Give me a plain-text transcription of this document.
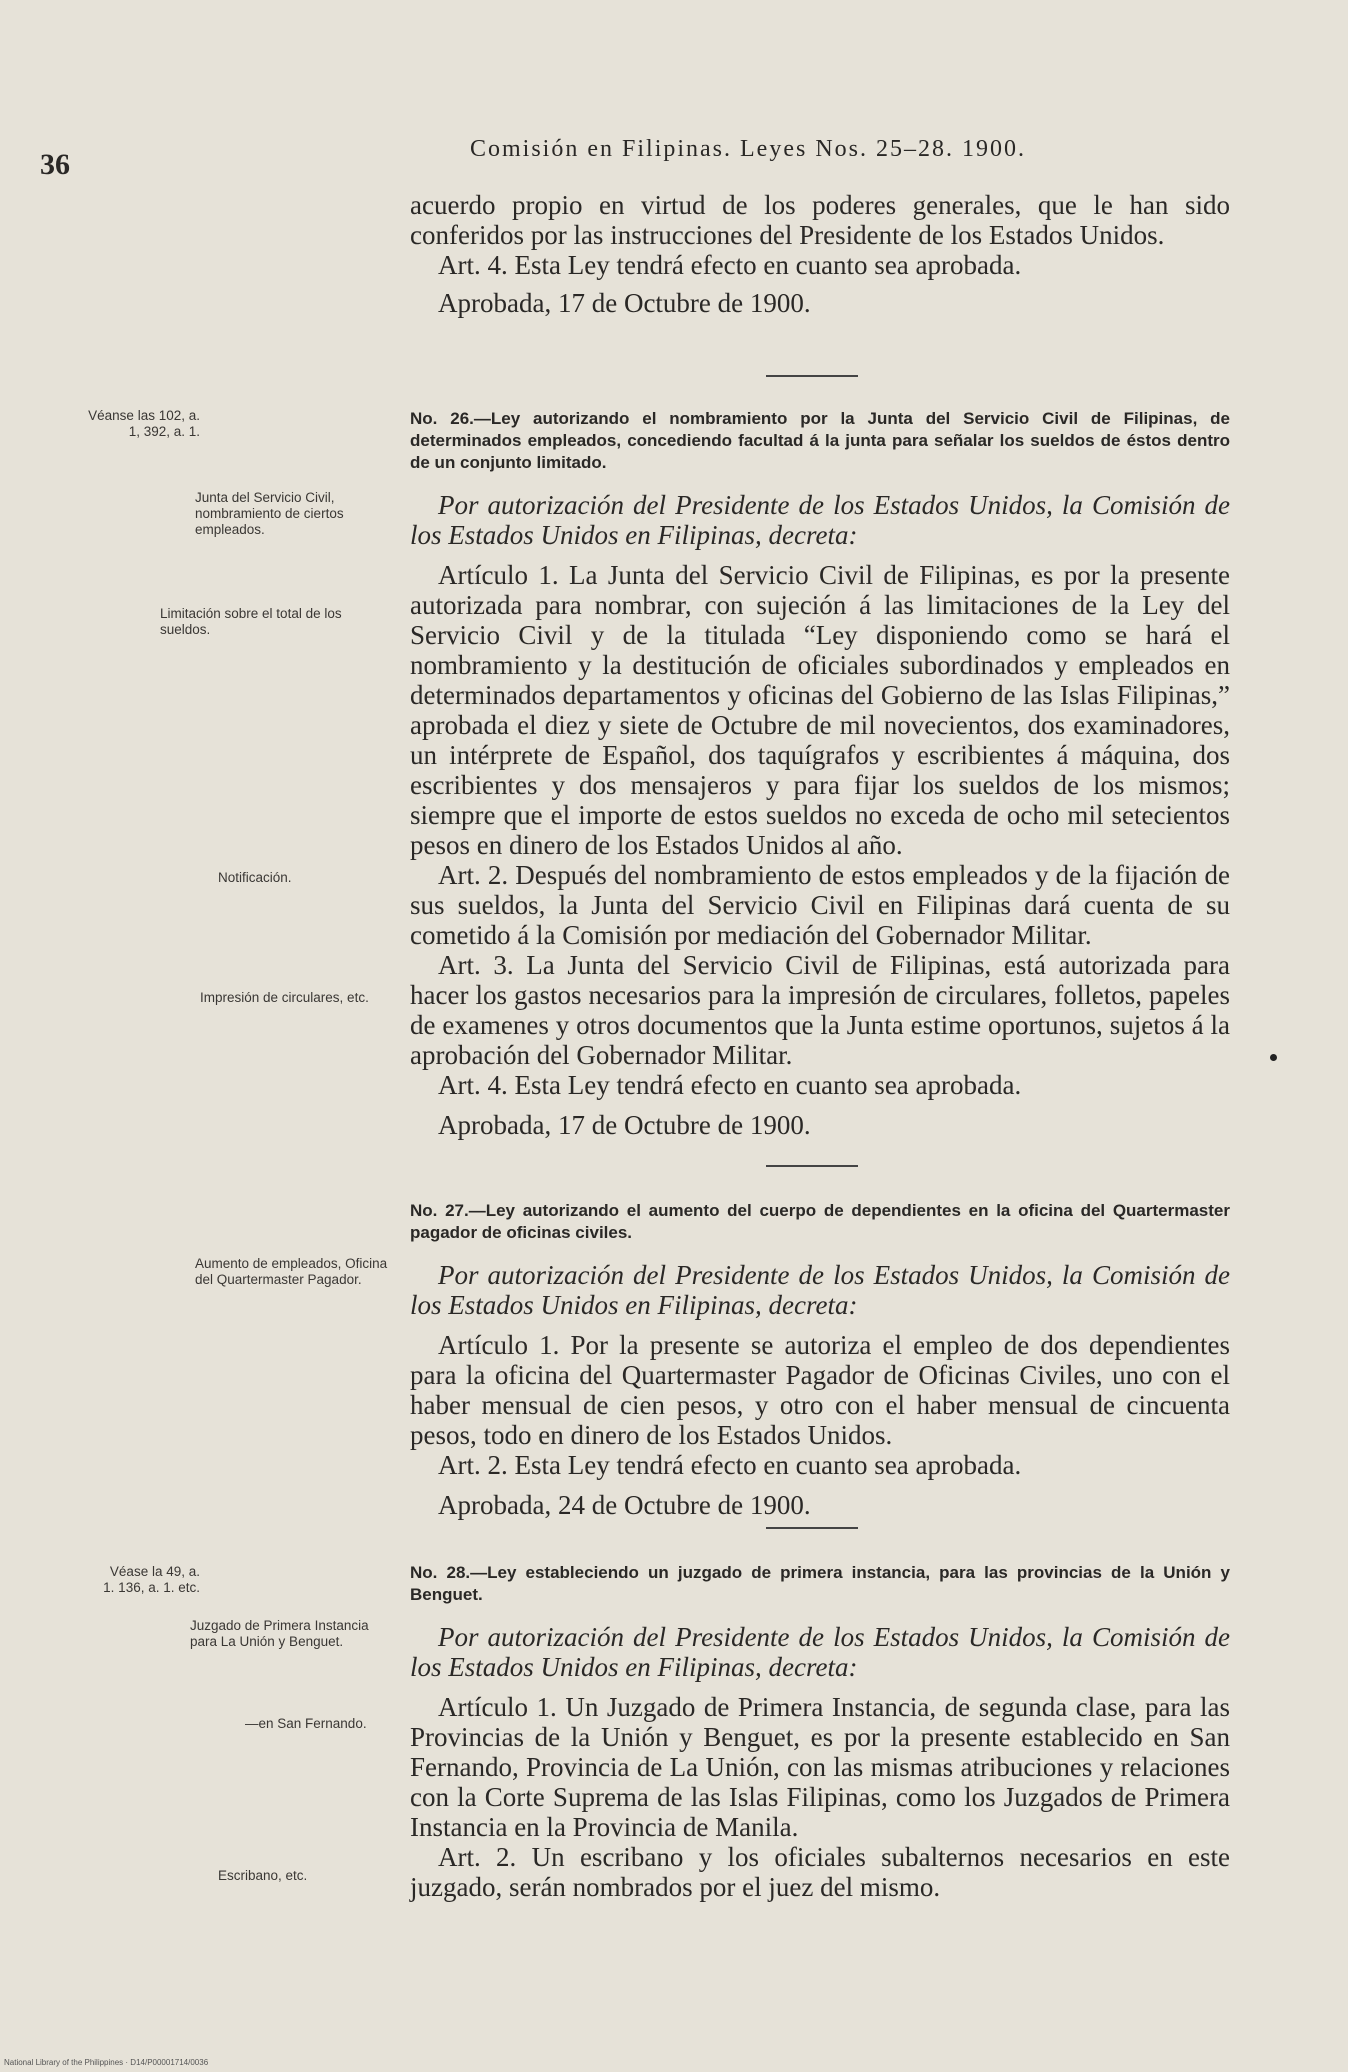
36	Comisión en Filipinas. Leyes Nos. 25–28. 1900.

acuerdo propio en virtud de los poderes generales, que le han sido conferidos por las instrucciones del Presidente de los Estados Unidos.

Art. 4. Esta Ley tendrá efecto en cuanto sea aprobada.

Aprobada, 17 de Octubre de 1900.

Véanse las 102, a. 1, 392, a. 1.

No. 26.—Ley autorizando el nombramiento por la Junta del Servicio Civil de Filipinas, de determinados empleados, concediendo facultad á la junta para señalar los sueldos de éstos dentro de un conjunto limitado.

Por autorización del Presidente de los Estados Unidos, la Comisión de los Estados Unidos en Filipinas, decreta:

Artículo 1. La Junta del Servicio Civil de Filipinas, es por la presente autorizada para nombrar, con sujeción á las limitaciones de la Ley del Servicio Civil y de la titulada “Ley disponiendo como se hará el nombramiento y la destitución de oficiales subordinados y empleados en determinados departamentos y oficinas del Gobierno de las Islas Filipinas,” aprobada el diez y siete de Octubre de mil novecientos, dos examinadores, un intérprete de Español, dos taquígrafos y escribientes á máquina, dos escribientes y dos mensajeros y para fijar los sueldos de los mismos; siempre que el importe de estos sueldos no exceda de ocho mil setecientos pesos en dinero de los Estados Unidos al año.

Art. 2. Después del nombramiento de estos empleados y de la fijación de sus sueldos, la Junta del Servicio Civil en Filipinas dará cuenta de su cometido á la Comisión por mediación del Gobernador Militar.

Art. 3. La Junta del Servicio Civil de Filipinas, está autorizada para hacer los gastos necesarios para la impresión de circulares, folletos, papeles de examenes y otros documentos que la Junta estime oportunos, sujetos á la aprobación del Gobernador Militar.

Art. 4. Esta Ley tendrá efecto en cuanto sea aprobada.

Aprobada, 17 de Octubre de 1900.

Junta del Servicio Civil, nombramiento de ciertos empleados.
Limitación sobre el total de los sueldos.
Notificación.
Impresión de circulares, etc.

No. 27.—Ley autorizando el aumento del cuerpo de dependientes en la oficina del Quartermaster pagador de oficinas civiles.

Por autorización del Presidente de los Estados Unidos, la Comisión de los Estados Unidos en Filipinas, decreta:

Artículo 1. Por la presente se autoriza el empleo de dos dependientes para la oficina del Quartermaster Pagador de Oficinas Civiles, uno con el haber mensual de cien pesos, y otro con el haber mensual de cincuenta pesos, todo en dinero de los Estados Unidos.

Art. 2. Esta Ley tendrá efecto en cuanto sea aprobada.

Aprobada, 24 de Octubre de 1900.

Aumento de empleados, Oficina del Quartermaster Pagador.
Véase la 49, a. 1. 136, a. 1. etc.

No. 28.—Ley estableciendo un juzgado de primera instancia, para las provincias de la Unión y Benguet.

Por autorización del Presidente de los Estados Unidos, la Comisión de los Estados Unidos en Filipinas, decreta:

Artículo 1. Un Juzgado de Primera Instancia, de segunda clase, para las Provincias de la Unión y Benguet, es por la presente establecido en San Fernando, Provincia de La Unión, con las mismas atribuciones y relaciones con la Corte Suprema de las Islas Filipinas, como los Juzgados de Primera Instancia en la Provincia de Manila.

Art. 2. Un escribano y los oficiales subalternos necesarios en este juzgado, serán nombrados por el juez del mismo.

Juzgado de Primera Instancia para La Unión y Benguet.
—en San Fernando.
Escribano, etc.
National Library of the Philippines · D14/P00001714/0036
